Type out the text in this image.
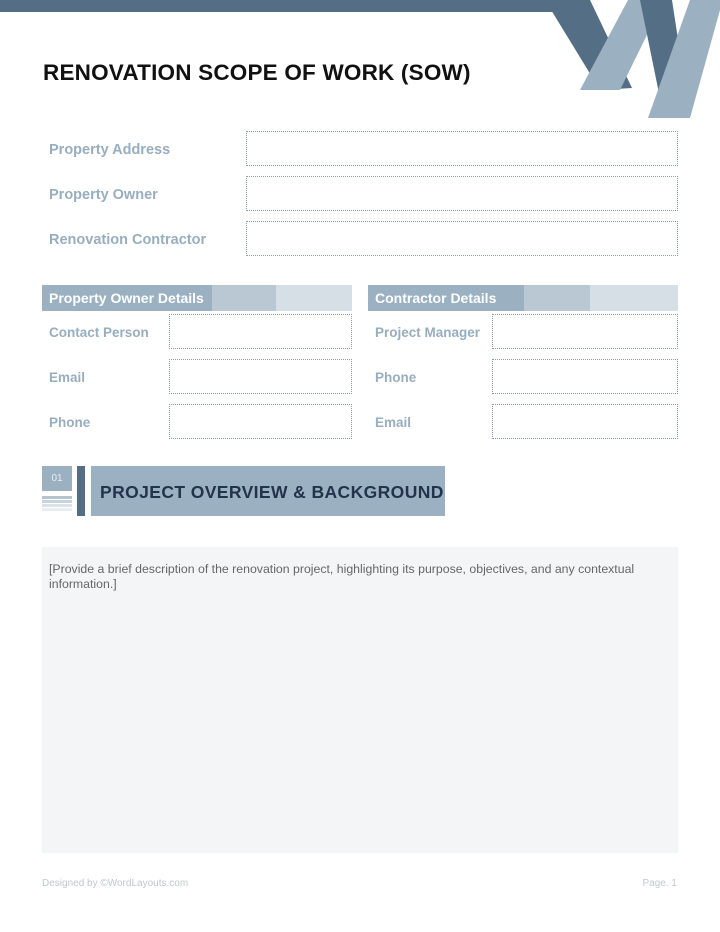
RENOVATION SCOPE OF WORK (SOW)
Property Address
Property Owner
Renovation Contractor
Property Owner Details
Contact Person
Email
Phone
Contractor Details
Project Manager
Phone
Email
01
PROJECT OVERVIEW & BACKGROUND
[Provide a brief description of the renovation project, highlighting its purpose, objectives, and any contextual information.]
Designed by ©WordLayouts.com	Page. 1
